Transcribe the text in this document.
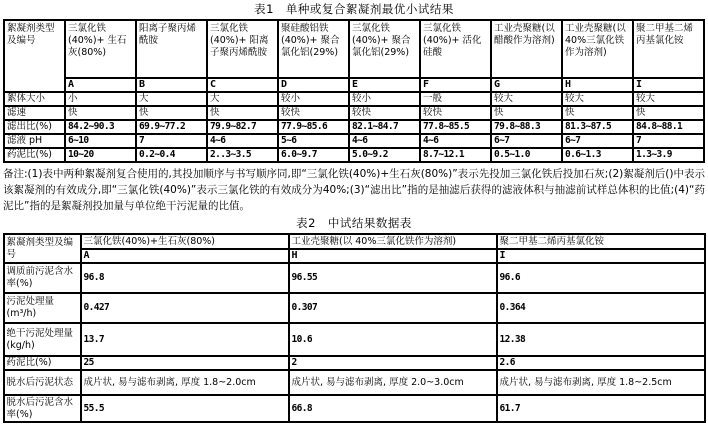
表1　单种或复合絮凝剂最优小试结果
絮凝剂类型及编号	三氯化铁(40%)+ 生石灰(80%)	阳离子聚丙烯酰胺	三氯化铁(40%)+ 阳离子聚丙烯酰胺	聚硅酸铝铁(40%)+ 聚合氯化铝(29%)	三氯化铁(40%)+ 聚合氯化铝(29%)	三氯化铁(40%)+ 活化硅酸	工业壳聚糖(以醋酸作为溶剂)	工业壳聚糖(以 40%三氯化铁作为溶剂)	聚二甲基二烯丙基氯化铵
	A	B	C	D	E	F	G	H	I
絮体大小	小	大	大	较小	较小	一般	较大	较大	较大
滤速	快	快	快	较快	较快	较快	快	快	快
滤出比(%)	84.2~90.3	69.9~77.2	79.9~82.7	77.9~85.6	82.1~84.7	77.8~85.5	79.8~88.3	81.3~87.5	84.8~88.1
滤液 pH	6~10	7	4~6	5~6	4~6	4~6	6~7	6~7	7
药泥比(%)	10~20	0.2~0.4	2..3~3.5	6.0~9.7	5.0~9.2	8.7~12.1	0.5~1.0	0.6~1.3	1.3~3.9

备注:(1)表中两种絮凝剂复合使用的,其投加顺序与书写顺序同,即“三氯化铁(40%)+生石灰(80%)”表示先投加三氯化铁后投加石灰;(2)絮凝剂后()中表示该絮凝剂的有效成分,即“三氯化铁(40%)”表示三氯化铁的有效成分为40%;(3)“滤出比”指的是抽滤后获得的滤液体积与抽滤前试样总体积的比值;(4)“药泥比”指的是絮凝剂投加量与单位绝干污泥量的比值。

表2　中试结果数据表
絮凝剂类型及编号	三氯化铁(40%)+生石灰(80%)	工业壳聚糖(以 40%三氯化铁作为溶剂)	聚二甲基二烯丙基氯化铵
	A	H	I
调质前污泥含水率(%)	96.8	96.55	96.6
污泥处理量(m³/h)	0.427	0.307	0.364
绝干污泥处理量(kg/h)	13.7	10.6	12.38
药泥比(%)	25	2	2.6
脱水后污泥状态	成片状, 易与滤布剥离, 厚度 1.8~2.0cm	成片状, 易与滤布剥离, 厚度 2.0~3.0cm	成片状, 易与滤布剥离, 厚度 1.8~2.5cm
脱水后污泥含水率(%)	55.5	66.8	61.7
